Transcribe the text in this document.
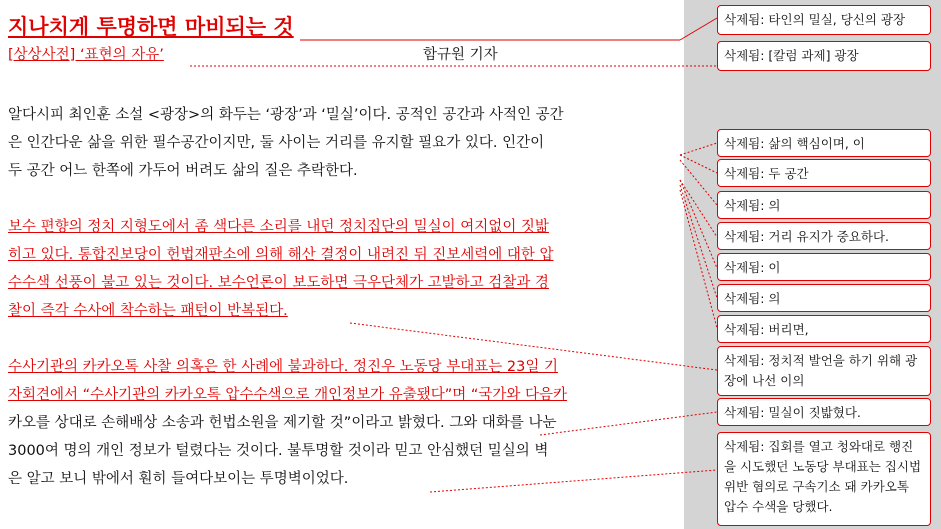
지나치게 투명하면 마비되는 것
[상상사전] ‘표현의 자유’	함규원 기자
알다시피 최인훈 소설 <광장>의 화두는 ‘광장’과 ‘밀실’이다. 공적인 공간과 사적인 공간
은 인간다운 삶을 위한 필수공간이지만, 둘 사이는 거리를 유지할 필요가 있다. 인간이
두 공간 어느 한쪽에 가두어 버려도 삶의 질은 추락한다.
보수 편향의 정치 지형도에서 좀 색다른 소리를 내던 정치집단의 밀실이 여지없이 짓밟
히고 있다. 통합진보당이 헌법재판소에 의해 해산 결정이 내려진 뒤 진보세력에 대한 압
수수색 선풍이 불고 있는 것이다. 보수언론이 보도하면 극우단체가 고발하고 검찰과 경
찰이 즉각 수사에 착수하는 패턴이 반복된다.
수사기관의 카카오톡 사찰 의혹은 한 사례에 불과하다. 정진우 노동당 부대표는 23일 기
자회견에서 “수사기관의 카카오톡 압수수색으로 개인정보가 유출됐다”며 “국가와 다음카
카오를 상대로 손해배상 소송과 헌법소원을 제기할 것”이라고 밝혔다. 그와 대화를 나눈
3000여 명의 개인 정보가 털렸다는 것이다. 불투명할 것이라 믿고 안심했던 밀실의 벽
은 알고 보니 밖에서 훤히 들여다보이는 투명벽이었다.
삭제됨: 타인의 밀실, 당신의 광장
삭제됨: [칼럼 과제] 광장
삭제됨: 삶의 핵심이며, 이
삭제됨: 두 공간
삭제됨: 의
삭제됨: 거리 유지가 중요하다.
삭제됨: 이
삭제됨: 의
삭제됨: 버리면,
삭제됨: 정치적 발언을 하기 위해 광장에 나선 이의
삭제됨: 밀실이 짓밟혔다.
삭제됨: 집회를 열고 청와대로 행진을 시도했던 노동당 부대표는 집시법 위반 혐의로 구속기소 돼 카카오톡 압수 수색을 당했다.
